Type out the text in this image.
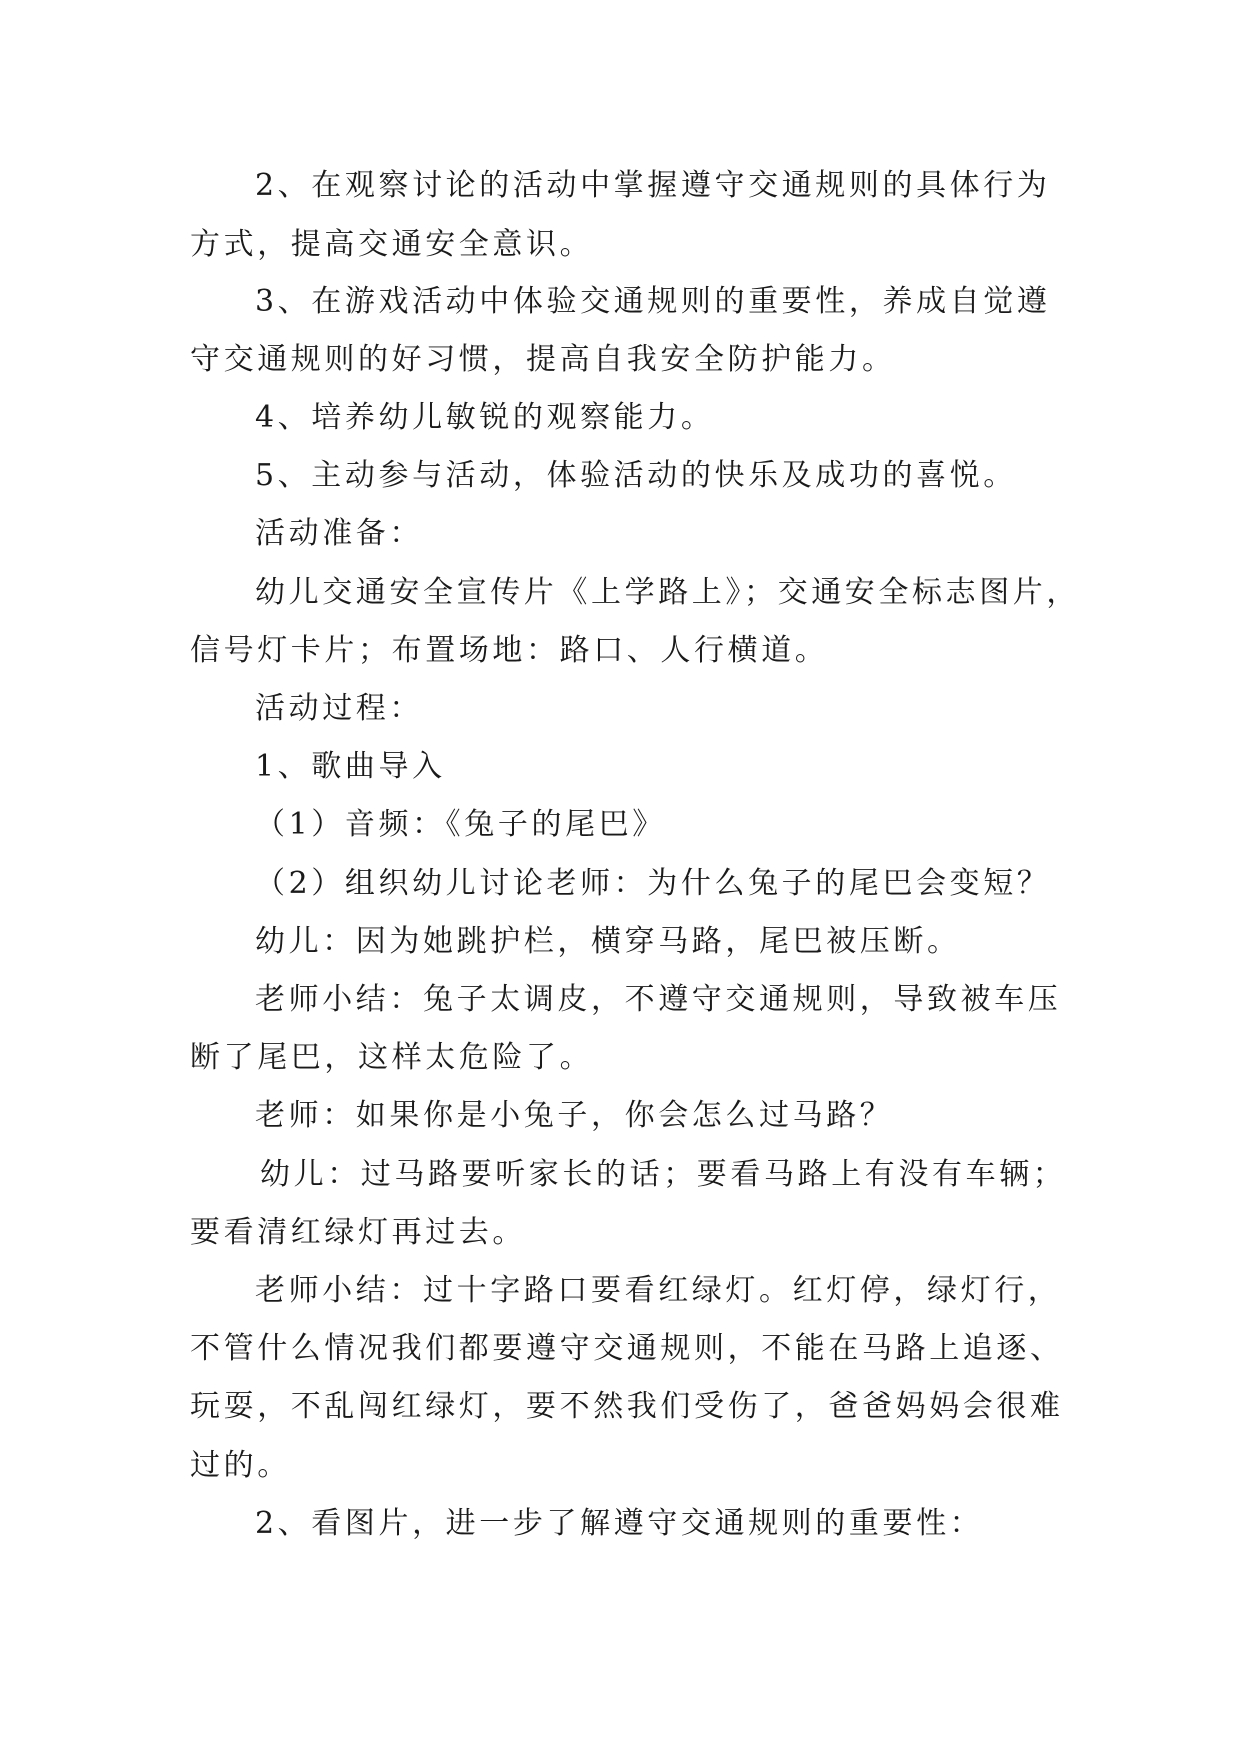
2、在观察讨论的活动中掌握遵守交通规则的具体行为
方式，提高交通安全意识。
3、在游戏活动中体验交通规则的重要性，养成自觉遵
守交通规则的好习惯，提高自我安全防护能力。
4、培养幼儿敏锐的观察能力。
5、主动参与活动，体验活动的快乐及成功的喜悦。
活动准备：
幼儿交通安全宣传片《上学路上》；交通安全标志图片，
信号灯卡片；布置场地：路口、人行横道。
活动过程：
1、歌曲导入
（1）音频：《兔子的尾巴》
（2）组织幼儿讨论老师：为什么兔子的尾巴会变短？
幼儿：因为她跳护栏，横穿马路，尾巴被压断。
老师小结：兔子太调皮，不遵守交通规则，导致被车压
断了尾巴，这样太危险了。
老师：如果你是小兔子，你会怎么过马路？
幼儿：过马路要听家长的话；要看马路上有没有车辆；
要看清红绿灯再过去。
老师小结：过十字路口要看红绿灯。红灯停，绿灯行，
不管什么情况我们都要遵守交通规则，不能在马路上追逐、
玩耍，不乱闯红绿灯，要不然我们受伤了，爸爸妈妈会很难
过的。
2、看图片，进一步了解遵守交通规则的重要性：
